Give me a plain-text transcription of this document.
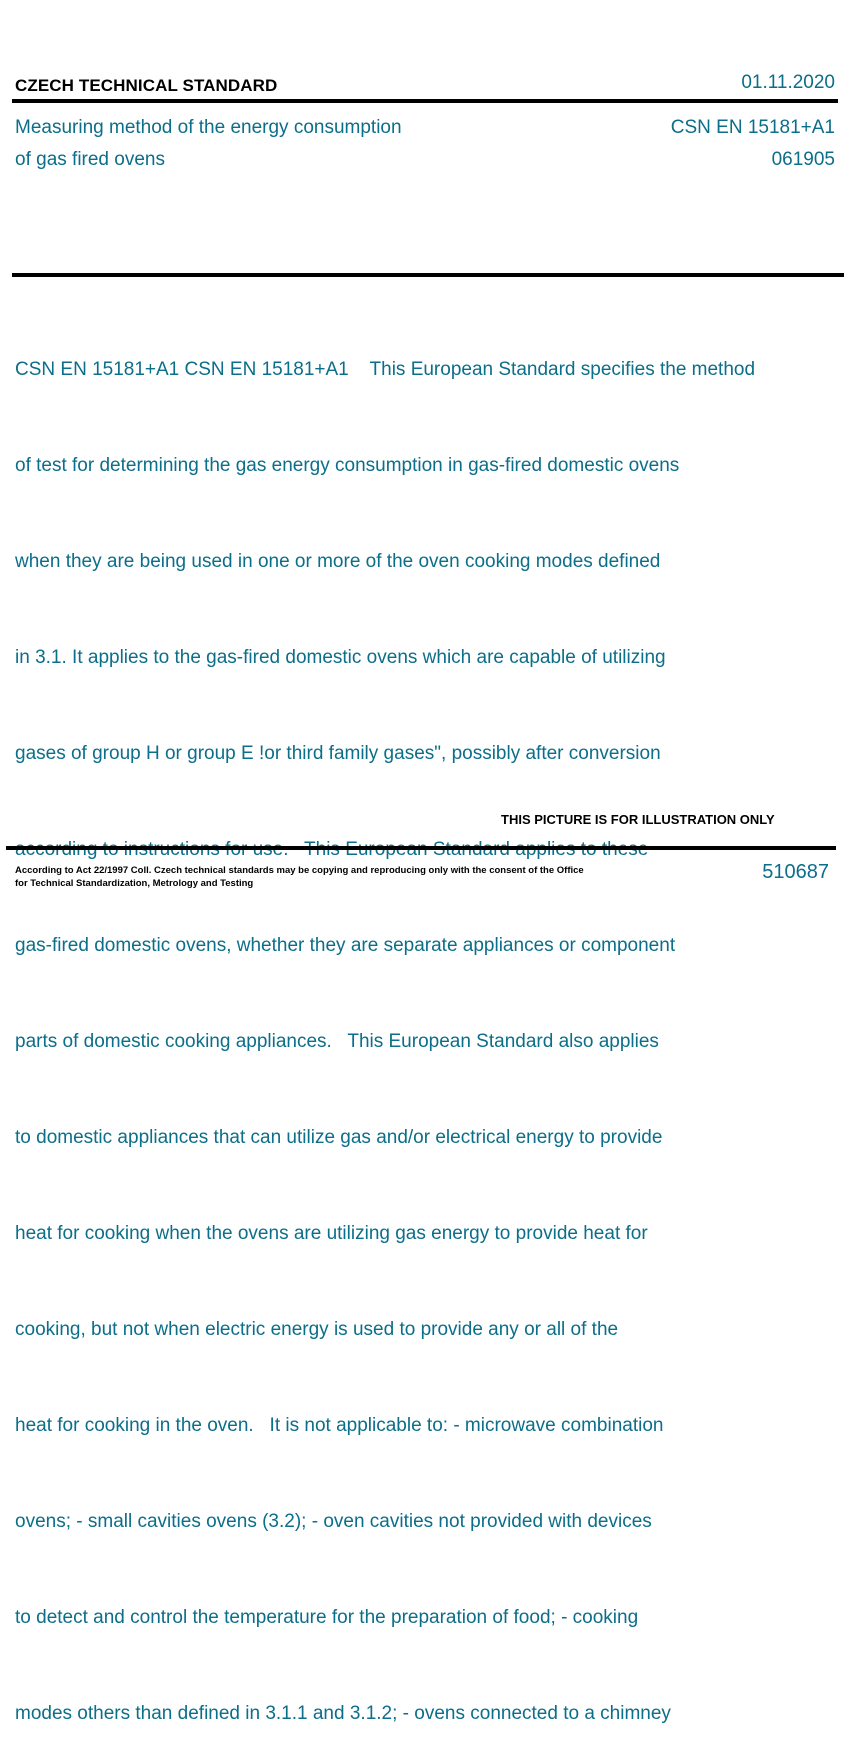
CZECH TECHNICAL STANDARD	01.11.2020
Measuring method of the energy consumption
of gas fired ovens
CSN EN 15181+A1
061905

CSN EN 15181+A1 CSN EN 15181+A1    This European Standard specifies the method

of test for determining the gas energy consumption in gas-fired domestic ovens

when they are being used in one or more of the oven cooking modes defined

in 3.1. It applies to the gas-fired domestic ovens which are capable of utilizing

gases of group H or group E !or third family gases", possibly after conversion

gas-fired domestic ovens, whether they are separate appliances or component

parts of domestic cooking appliances.   This European Standard also applies

to domestic appliances that can utilize gas and/or electrical energy to provide

heat for cooking when the ovens are utilizing gas energy to provide heat for

cooking, but not when electric energy is used to provide any or all of the

heat for cooking in the oven.   It is not applicable to: - microwave combination

ovens; - small cavities ovens (3.2); - oven cavities not provided with devices

to detect and control the temperature for the preparation of food; - cooking

modes others than defined in 3.1.1 and 3.1.2; - ovens connected to a chimney

THIS PICTURE IS FOR ILLUSTRATION ONLY
According to Act 22/1997 Coll. Czech technical standards may be copying and reproducing only with the consent of the Office
for Technical Standardization, Metrology and Testing	510687
